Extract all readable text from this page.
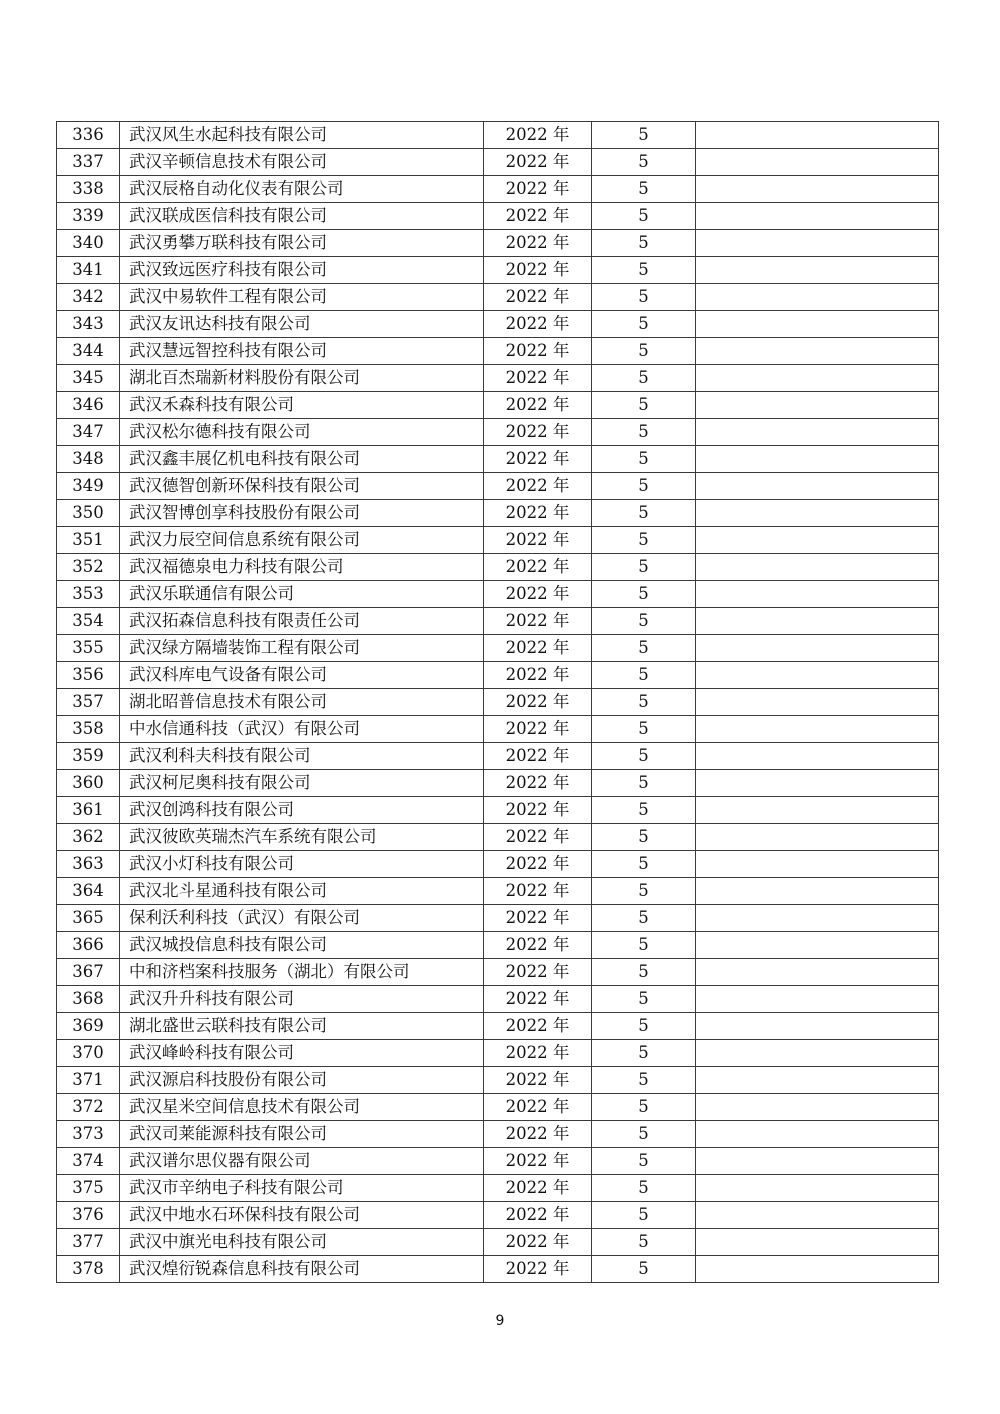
336	武汉风生水起科技有限公司	2022 年	5	
337	武汉辛顿信息技术有限公司	2022 年	5	
338	武汉辰格自动化仪表有限公司	2022 年	5	
339	武汉联成医信科技有限公司	2022 年	5	
340	武汉勇攀万联科技有限公司	2022 年	5	
341	武汉致远医疗科技有限公司	2022 年	5	
342	武汉中易软件工程有限公司	2022 年	5	
343	武汉友讯达科技有限公司	2022 年	5	
344	武汉慧远智控科技有限公司	2022 年	5	
345	湖北百杰瑞新材料股份有限公司	2022 年	5	
346	武汉禾森科技有限公司	2022 年	5	
347	武汉松尔德科技有限公司	2022 年	5	
348	武汉鑫丰展亿机电科技有限公司	2022 年	5	
349	武汉德智创新环保科技有限公司	2022 年	5	
350	武汉智博创享科技股份有限公司	2022 年	5	
351	武汉力辰空间信息系统有限公司	2022 年	5	
352	武汉福德泉电力科技有限公司	2022 年	5	
353	武汉乐联通信有限公司	2022 年	5	
354	武汉拓森信息科技有限责任公司	2022 年	5	
355	武汉绿方隔墙装饰工程有限公司	2022 年	5	
356	武汉科库电气设备有限公司	2022 年	5	
357	湖北昭普信息技术有限公司	2022 年	5	
358	中水信通科技（武汉）有限公司	2022 年	5	
359	武汉利科夫科技有限公司	2022 年	5	
360	武汉柯尼奥科技有限公司	2022 年	5	
361	武汉创鸿科技有限公司	2022 年	5	
362	武汉彼欧英瑞杰汽车系统有限公司	2022 年	5	
363	武汉小灯科技有限公司	2022 年	5	
364	武汉北斗星通科技有限公司	2022 年	5	
365	保利沃利科技（武汉）有限公司	2022 年	5	
366	武汉城投信息科技有限公司	2022 年	5	
367	中和济档案科技服务（湖北）有限公司	2022 年	5	
368	武汉升升科技有限公司	2022 年	5	
369	湖北盛世云联科技有限公司	2022 年	5	
370	武汉峰岭科技有限公司	2022 年	5	
371	武汉源启科技股份有限公司	2022 年	5	
372	武汉星米空间信息技术有限公司	2022 年	5	
373	武汉司莱能源科技有限公司	2022 年	5	
374	武汉谱尔思仪器有限公司	2022 年	5	
375	武汉市辛纳电子科技有限公司	2022 年	5	
376	武汉中地水石环保科技有限公司	2022 年	5	
377	武汉中旗光电科技有限公司	2022 年	5	
378	武汉煌衍锐森信息科技有限公司	2022 年	5	
9
